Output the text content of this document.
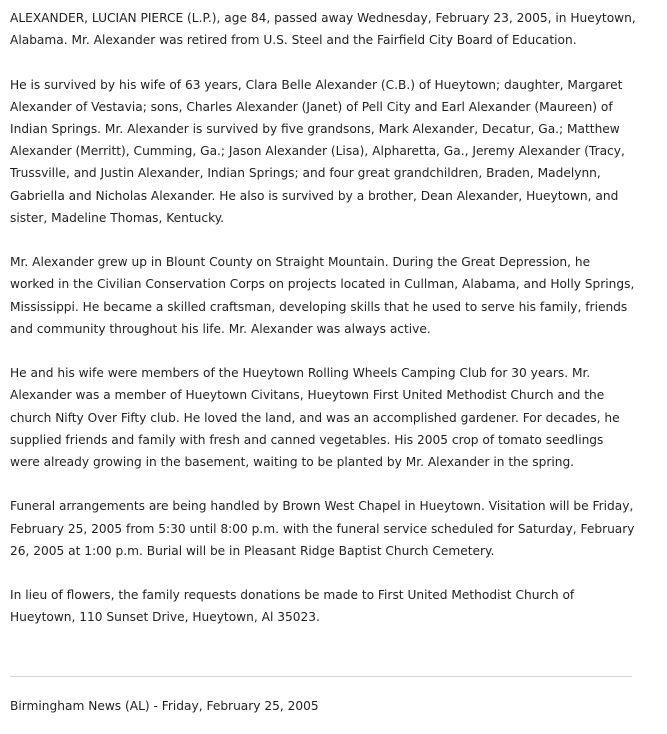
ALEXANDER, LUCIAN PIERCE (L.P.), age 84, passed away Wednesday, February 23, 2005, in Hueytown, Alabama. Mr. Alexander was retired from U.S. Steel and the Fairfield City Board of Education.

He is survived by his wife of 63 years, Clara Belle Alexander (C.B.) of Hueytown; daughter, Margaret Alexander of Vestavia; sons, Charles Alexander (Janet) of Pell City and Earl Alexander (Maureen) of Indian Springs. Mr. Alexander is survived by five grandsons, Mark Alexander, Decatur, Ga.; Matthew Alexander (Merritt), Cumming, Ga.; Jason Alexander (Lisa), Alpharetta, Ga., Jeremy Alexander (Tracy, Trussville, and Justin Alexander, Indian Springs; and four great grandchildren, Braden, Madelynn, Gabriella and Nicholas Alexander. He also is survived by a brother, Dean Alexander, Hueytown, and sister, Madeline Thomas, Kentucky.

Mr. Alexander grew up in Blount County on Straight Mountain. During the Great Depression, he worked in the Civilian Conservation Corps on projects located in Cullman, Alabama, and Holly Springs, Mississippi. He became a skilled craftsman, developing skills that he used to serve his family, friends and community throughout his life. Mr. Alexander was always active.

He and his wife were members of the Hueytown Rolling Wheels Camping Club for 30 years. Mr. Alexander was a member of Hueytown Civitans, Hueytown First United Methodist Church and the church Nifty Over Fifty club. He loved the land, and was an accomplished gardener. For decades, he supplied friends and family with fresh and canned vegetables. His 2005 crop of tomato seedlings were already growing in the basement, waiting to be planted by Mr. Alexander in the spring.

Funeral arrangements are being handled by Brown West Chapel in Hueytown. Visitation will be Friday, February 25, 2005 from 5:30 until 8:00 p.m. with the funeral service scheduled for Saturday, February 26, 2005 at 1:00 p.m. Burial will be in Pleasant Ridge Baptist Church Cemetery.

In lieu of flowers, the family requests donations be made to First United Methodist Church of Hueytown, 110 Sunset Drive, Hueytown, Al 35023.

Birmingham News (AL) - Friday, February 25, 2005
